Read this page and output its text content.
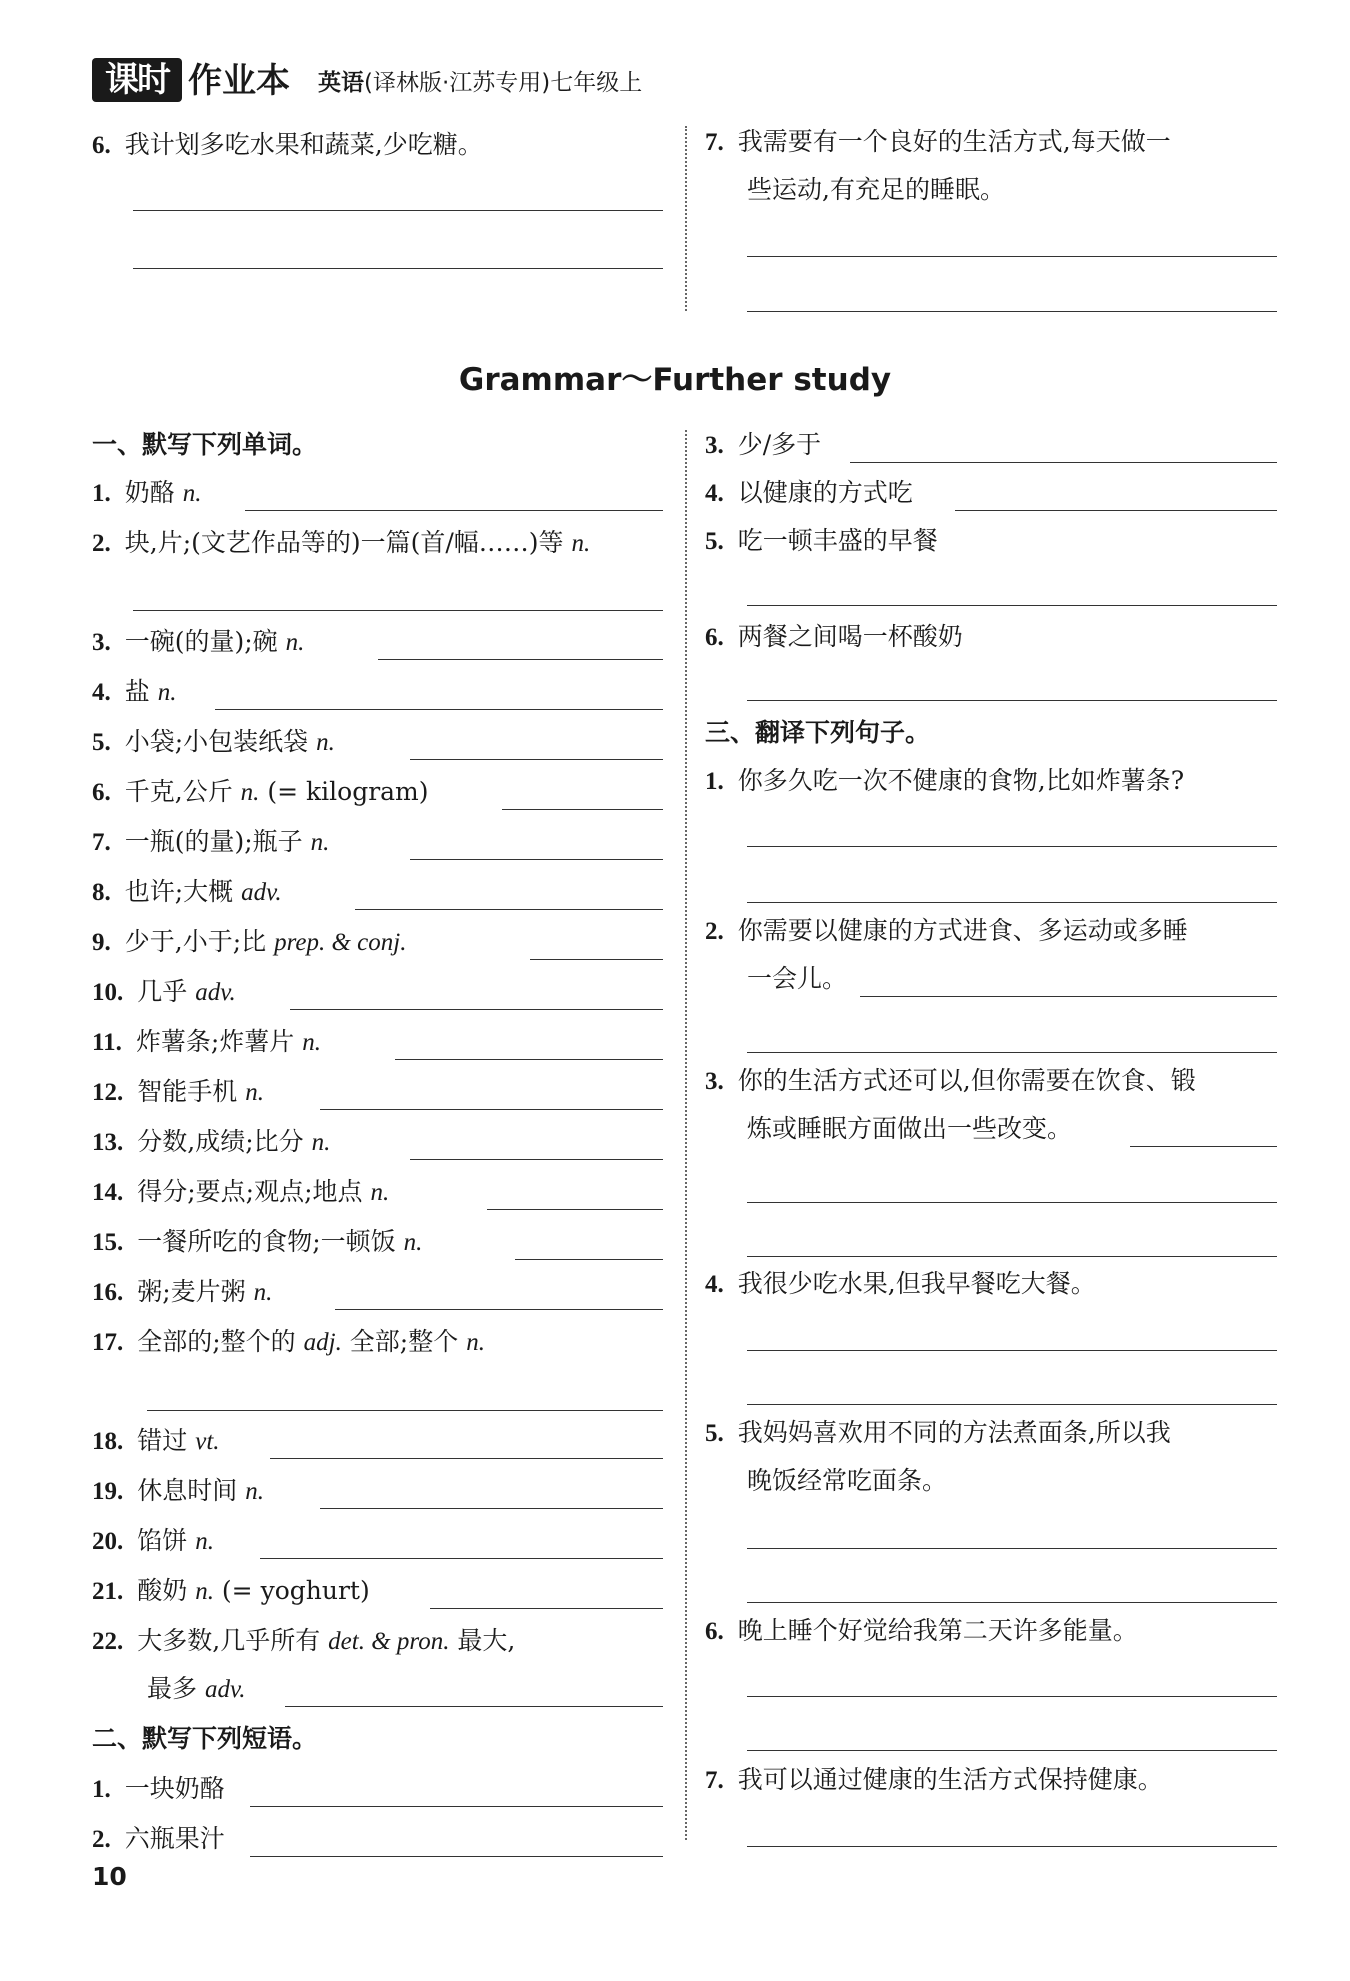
课时 作业本 英语(译林版·江苏专用)七年级上
6. 我计划多吃水果和蔬菜,少吃糖。	7. 我需要有一个良好的生活方式,每天做一
些运动,有充足的睡眠。
Grammar～Further study
一、默写下列单词。
1. 奶酪 n.
2. 块,片;(文艺作品等的)一篇(首/幅……)等 n.
3. 一碗(的量);碗 n.
4. 盐 n.
5. 小袋;小包装纸袋 n.
6. 千克,公斤 n. (= kilogram)
7. 一瓶(的量);瓶子 n.
8. 也许;大概 adv.
9. 少于,小于;比 prep. & conj.
10. 几乎 adv.
11. 炸薯条;炸薯片 n.
12. 智能手机 n.
13. 分数,成绩;比分 n.
14. 得分;要点;观点;地点 n.
15. 一餐所吃的食物;一顿饭 n.
16. 粥;麦片粥 n.
17. 全部的;整个的 adj. 全部;整个 n.
18. 错过 vt.
19. 休息时间 n.
20. 馅饼 n.
21. 酸奶 n. (= yoghurt)
22. 大多数,几乎所有 det. & pron. 最大,
最多 adv.
二、默写下列短语。
1. 一块奶酪
2. 六瓶果汁
3. 少/多于
4. 以健康的方式吃
5. 吃一顿丰盛的早餐
6. 两餐之间喝一杯酸奶
三、翻译下列句子。
1. 你多久吃一次不健康的食物,比如炸薯条?
2. 你需要以健康的方式进食、多运动或多睡
一会儿。
3. 你的生活方式还可以,但你需要在饮食、锻
炼或睡眠方面做出一些改变。
4. 我很少吃水果,但我早餐吃大餐。
5. 我妈妈喜欢用不同的方法煮面条,所以我
晚饭经常吃面条。
6. 晚上睡个好觉给我第二天许多能量。
7. 我可以通过健康的生活方式保持健康。
10
